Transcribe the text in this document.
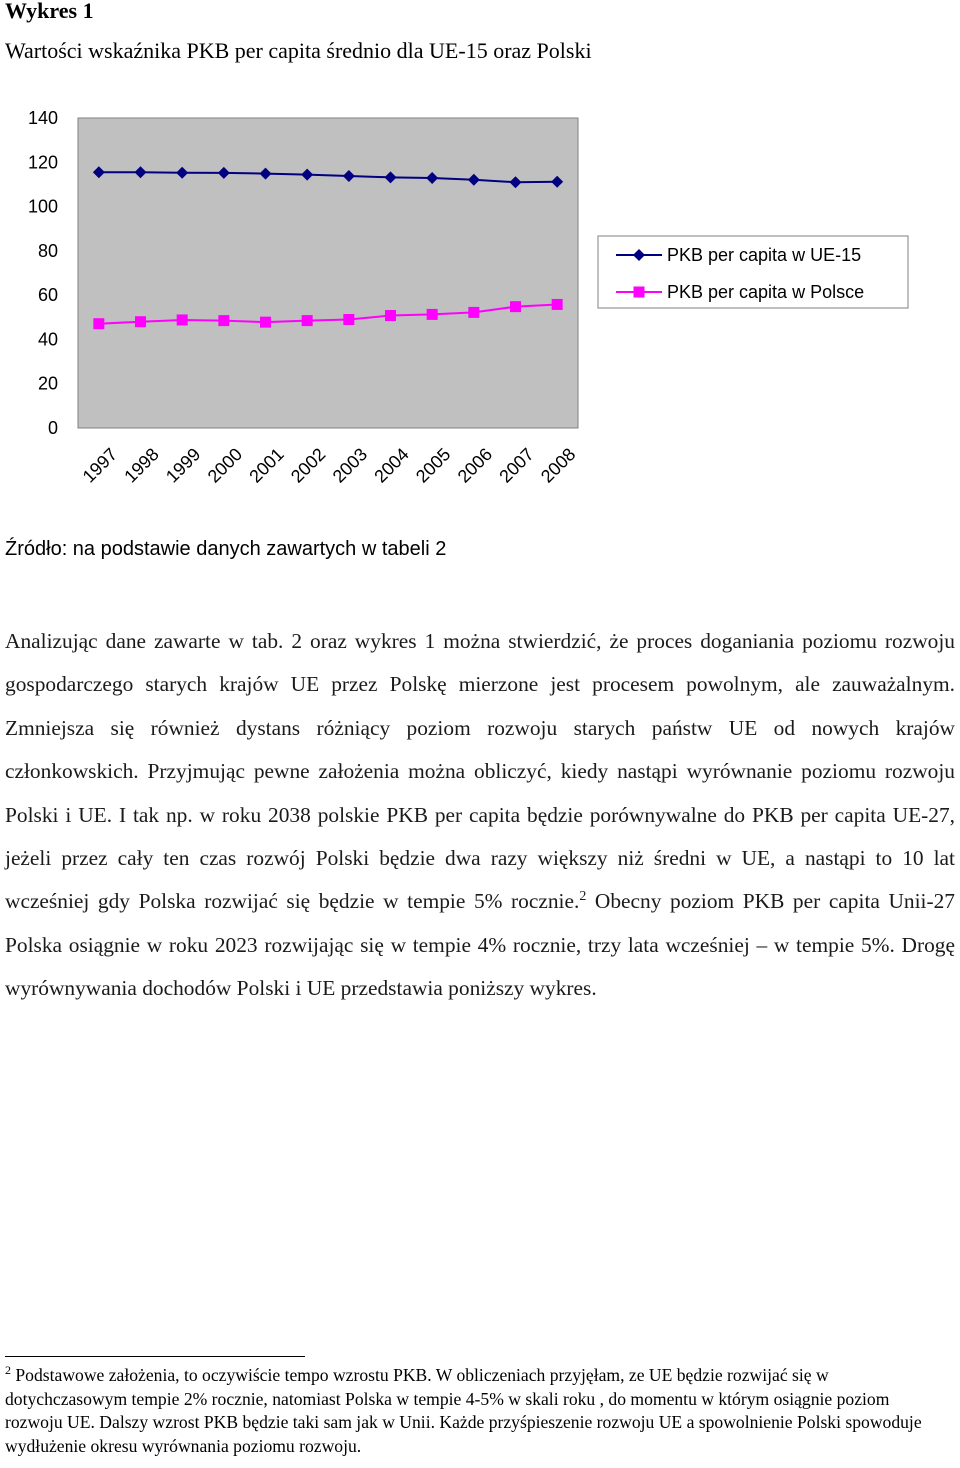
Wykres 1
Wartości wskaźnika PKB per capita średnio dla UE-15 oraz Polski
140
120
100
80
60
40
20
0
1997 1998 1999 2000 2001 2002 2003 2004 2005 2006 2007 2008
PKB per capita w UE-15
PKB per capita w Polsce
Źródło: na podstawie danych zawartych w tabeli 2

Analizując dane zawarte w tab. 2 oraz wykres 1 można stwierdzić, że proces doganiania poziomu rozwoju gospodarczego starych krajów UE przez Polskę mierzone jest procesem powolnym, ale zauważalnym. Zmniejsza się również dystans różniący poziom rozwoju starych państw UE od nowych krajów członkowskich. Przyjmując pewne założenia można obliczyć, kiedy nastąpi wyrównanie poziomu rozwoju Polski i UE. I tak np. w roku 2038 polskie PKB per capita będzie porównywalne do PKB per capita UE-27, jeżeli przez cały ten czas rozwój Polski będzie dwa razy większy niż średni w UE, a nastąpi to 10 lat wcześniej gdy Polska rozwijać się będzie w tempie 5% rocznie.$^2$ Obecny poziom PKB per capita Unii-27 Polska osiągnie w roku 2023 rozwijając się w tempie 4% rocznie, trzy lata wcześniej – w tempie 5%. Drogę wyrównywania dochodów Polski i UE przedstawia poniższy wykres.

$^2$ Podstawowe założenia, to oczywiście tempo wzrostu PKB. W obliczeniach przyjęłam, ze UE będzie rozwijać się w dotychczasowym tempie 2% rocznie, natomiast Polska w tempie 4-5% w skali roku , do momentu w którym osiągnie poziom rozwoju UE. Dalszy wzrost PKB będzie taki sam jak w Unii. Każde przyśpieszenie rozwoju UE a spowolnienie Polski spowoduje wydłużenie okresu wyrównania poziomu rozwoju.
